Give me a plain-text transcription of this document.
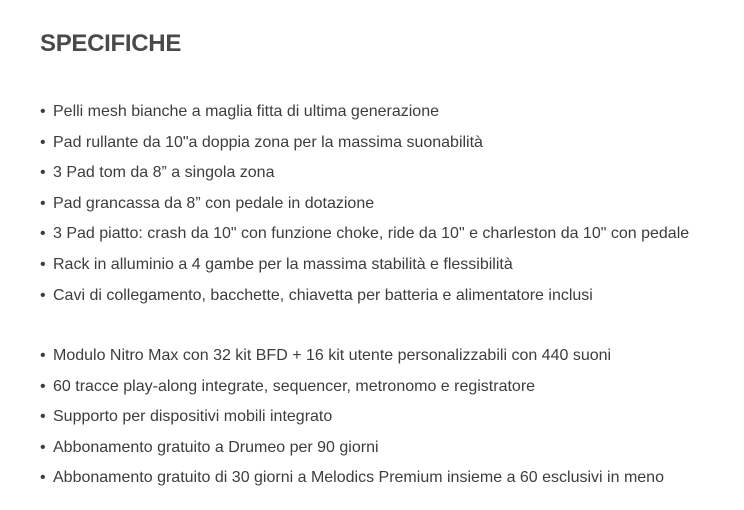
SPECIFICHE
• Pelli mesh bianche a maglia fitta di ultima generazione
• Pad rullante da 10"a doppia zona per la massima suonabilità
• 3 Pad tom da 8” a singola zona
• Pad grancassa da 8” con pedale in dotazione
• 3 Pad piatto: crash da 10" con funzione choke, ride da 10" e charleston da 10" con pedale
• Rack in alluminio a 4 gambe per la massima stabilità e flessibilità
• Cavi di collegamento, bacchette, chiavetta per batteria e alimentatore inclusi
• Modulo Nitro Max con 32 kit BFD + 16 kit utente personalizzabili con 440 suoni
• 60 tracce play-along integrate, sequencer, metronomo e registratore
• Supporto per dispositivi mobili integrato
• Abbonamento gratuito a Drumeo per 90 giorni
• Abbonamento gratuito di 30 giorni a Melodics Premium insieme a 60 esclusivi in meno
